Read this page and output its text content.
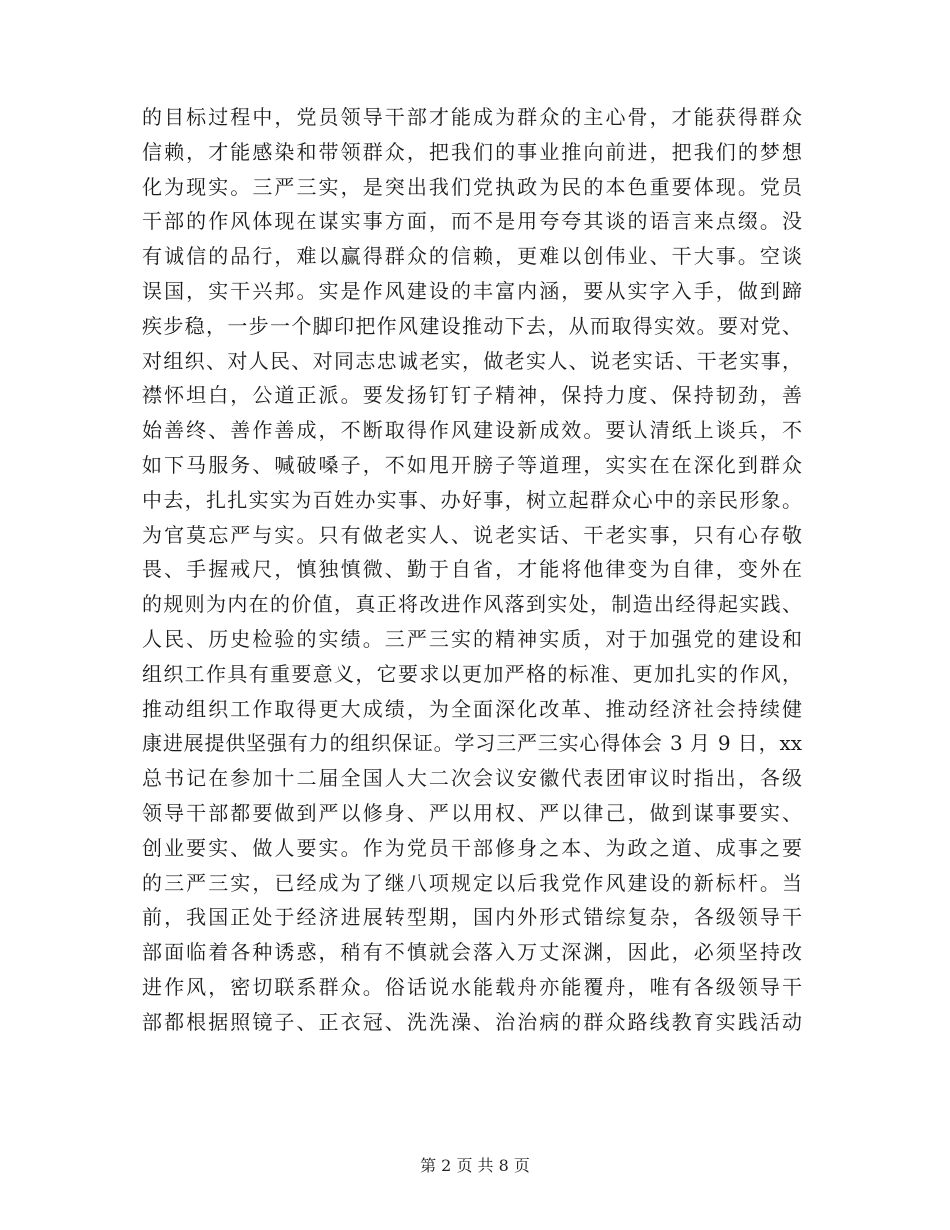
的目标过程中，党员领导干部才能成为群众的主心骨，才能获得群众
信赖，才能感染和带领群众，把我们的事业推向前进，把我们的梦想
化为现实。三严三实，是突出我们党执政为民的本色重要体现。党员
干部的作风体现在谋实事方面，而不是用夸夸其谈的语言来点缀。没
有诚信的品行，难以赢得群众的信赖，更难以创伟业、干大事。空谈
误国，实干兴邦。实是作风建设的丰富内涵，要从实字入手，做到蹄
疾步稳，一步一个脚印把作风建设推动下去，从而取得实效。要对党、
对组织、对人民、对同志忠诚老实，做老实人、说老实话、干老实事，
襟怀坦白，公道正派。要发扬钉钉子精神，保持力度、保持韧劲，善
始善终、善作善成，不断取得作风建设新成效。要认清纸上谈兵，不
如下马服务、喊破嗓子，不如甩开膀子等道理，实实在在深化到群众
中去，扎扎实实为百姓办实事、办好事，树立起群众心中的亲民形象。
为官莫忘严与实。只有做老实人、说老实话、干老实事，只有心存敬
畏、手握戒尺，慎独慎微、勤于自省，才能将他律变为自律，变外在
的规则为内在的价值，真正将改进作风落到实处，制造出经得起实践、
人民、历史检验的实绩。三严三实的精神实质，对于加强党的建设和
组织工作具有重要意义，它要求以更加严格的标准、更加扎实的作风，
推动组织工作取得更大成绩，为全面深化改革、推动经济社会持续健
康进展提供坚强有力的组织保证。学习三严三实心得体会 3 月 9 日，xx
总书记在参加十二届全国人大二次会议安徽代表团审议时指出，各级
领导干部都要做到严以修身、严以用权、严以律己，做到谋事要实、
创业要实、做人要实。作为党员干部修身之本、为政之道、成事之要
的三严三实，已经成为了继八项规定以后我党作风建设的新标杆。当
前，我国正处于经济进展转型期，国内外形式错综复杂，各级领导干
部面临着各种诱惑，稍有不慎就会落入万丈深渊，因此，必须坚持改
进作风，密切联系群众。俗话说水能载舟亦能覆舟，唯有各级领导干
部都根据照镜子、正衣冠、洗洗澡、治治病的群众路线教育实践活动
第 2 页 共 8 页
